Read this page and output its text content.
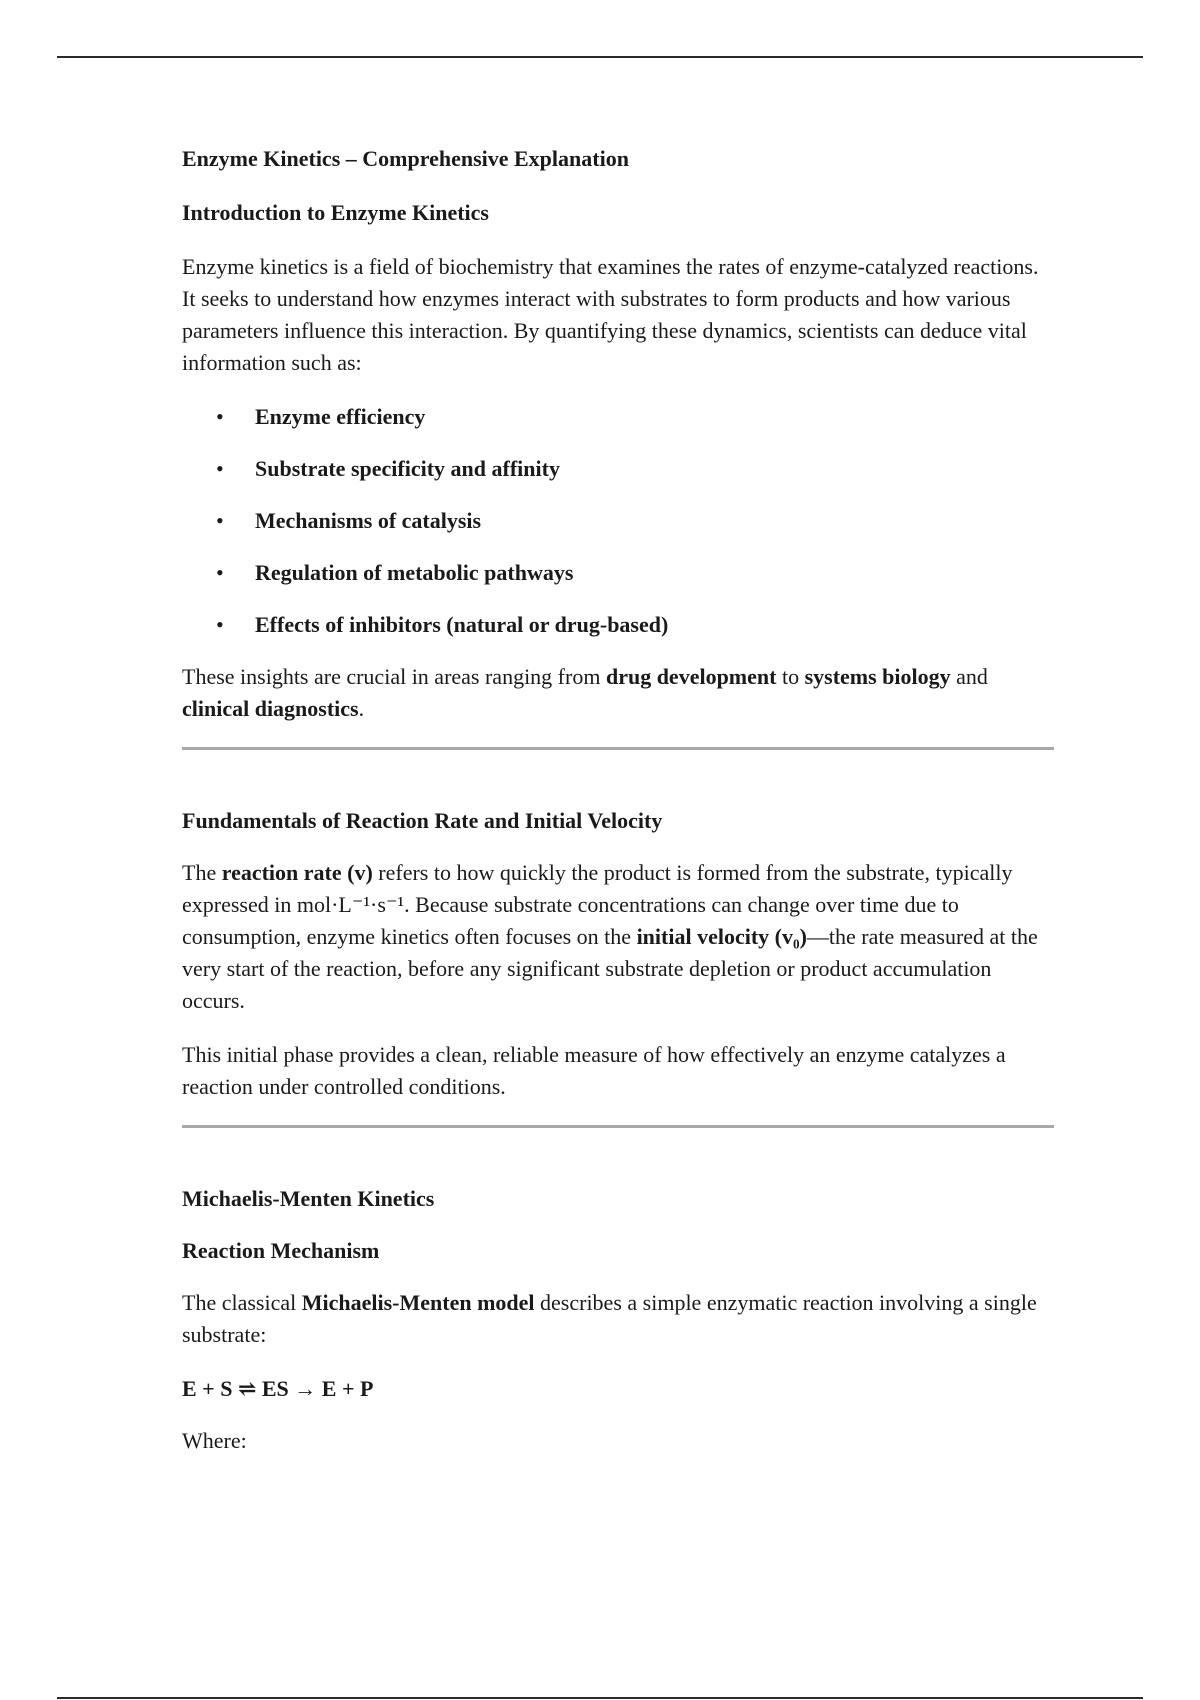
Enzyme Kinetics – Comprehensive Explanation
Introduction to Enzyme Kinetics

Enzyme kinetics is a field of biochemistry that examines the rates of enzyme-catalyzed reactions. It seeks to understand how enzymes interact with substrates to form products and how various parameters influence this interaction. By quantifying these dynamics, scientists can deduce vital information such as:

• Enzyme efficiency
• Substrate specificity and affinity
• Mechanisms of catalysis
• Regulation of metabolic pathways
• Effects of inhibitors (natural or drug-based)

These insights are crucial in areas ranging from drug development to systems biology and clinical diagnostics.

Fundamentals of Reaction Rate and Initial Velocity

The reaction rate (v) refers to how quickly the product is formed from the substrate, typically expressed in mol·L⁻¹·s⁻¹. Because substrate concentrations can change over time due to consumption, enzyme kinetics often focuses on the initial velocity (v₀)—the rate measured at the very start of the reaction, before any significant substrate depletion or product accumulation occurs.

This initial phase provides a clean, reliable measure of how effectively an enzyme catalyzes a reaction under controlled conditions.

Michaelis-Menten Kinetics
Reaction Mechanism

The classical Michaelis-Menten model describes a simple enzymatic reaction involving a single substrate:

E + S ⇌ ES → E + P

Where:
